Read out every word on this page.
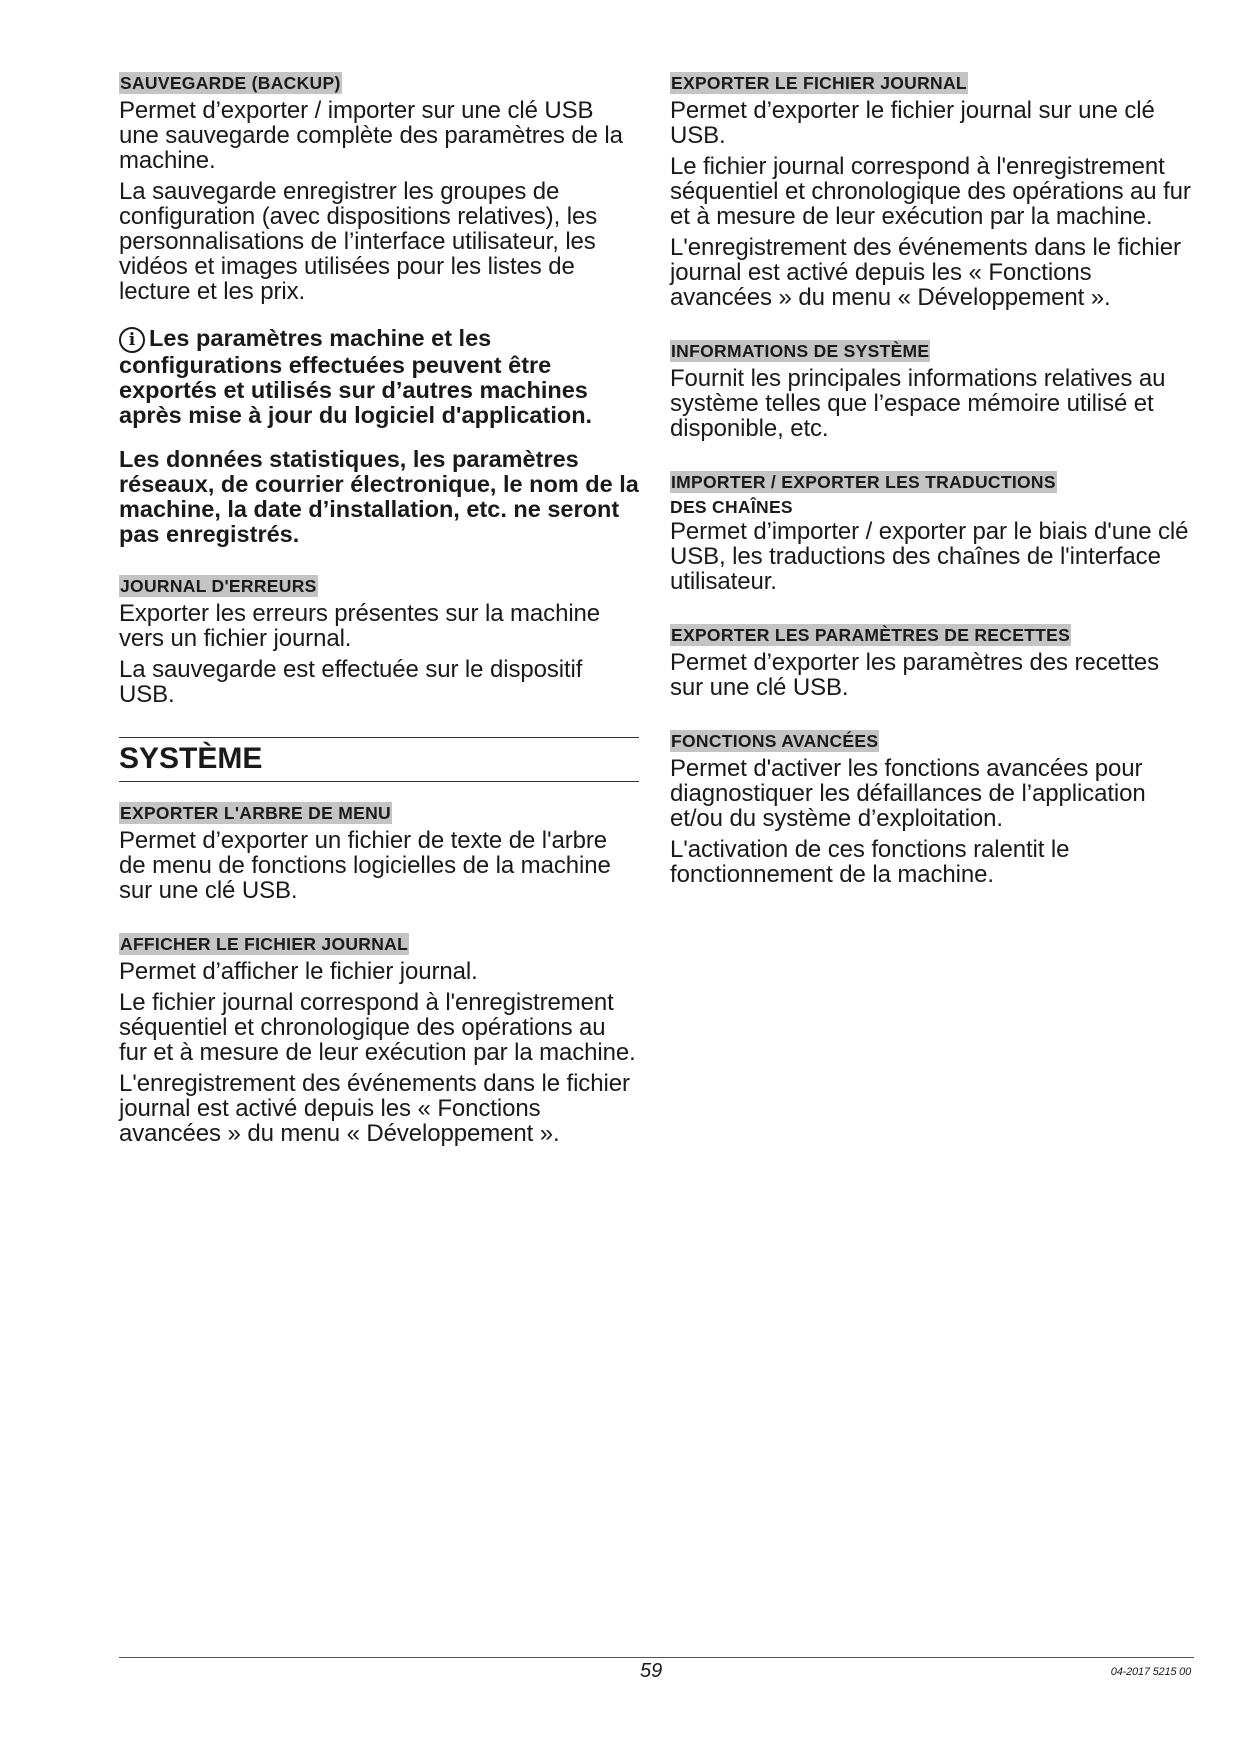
SAUVEGARDE (BACKUP)

Permet d’exporter / importer sur une clé USB une sauvegarde complète des paramètres de la machine.

La sauvegarde enregistrer les groupes de configuration (avec dispositions relatives), les personnalisations de l’interface utilisateur, les vidéos et images utilisées pour les listes de lecture et les prix.

i Les paramètres machine et les configurations effectuées peuvent être exportés et utilisés sur d’autres machines après mise à jour du logiciel d'application.

Les données statistiques, les paramètres réseaux, de courrier électronique, le nom de la machine, la date d’installation, etc. ne seront pas enregistrés.

JOURNAL D'ERREURS

Exporter les erreurs présentes sur la machine vers un fichier journal.

La sauvegarde est effectuée sur le dispositif USB.

SYSTÈME

EXPORTER L'ARBRE DE MENU

Permet d’exporter un fichier de texte de l'arbre de menu de fonctions logicielles de la machine sur une clé USB.

AFFICHER LE FICHIER JOURNAL

Permet d’afficher le fichier journal.

Le fichier journal correspond à l'enregistrement séquentiel et chronologique des opérations au fur et à mesure de leur exécution par la machine.

L'enregistrement des événements dans le fichier journal est activé depuis les « Fonctions avancées » du menu « Développement ».

EXPORTER LE FICHIER JOURNAL

Permet d’exporter le fichier journal sur une clé USB.

Le fichier journal correspond à l'enregistrement séquentiel et chronologique des opérations au fur et à mesure de leur exécution par la machine.

L'enregistrement des événements dans le fichier journal est activé depuis les « Fonctions avancées » du menu « Développement ».

INFORMATIONS DE SYSTÈME

Fournit les principales informations relatives au système telles que l’espace mémoire utilisé et disponible, etc.

IMPORTER / EXPORTER LES TRADUCTIONS

DES CHAÎNES

Permet d’importer / exporter par le biais d'une clé USB, les traductions des chaînes de l'interface utilisateur.

EXPORTER LES PARAMÈTRES DE RECETTES

Permet d’exporter les paramètres des recettes sur une clé USB.

FONCTIONS AVANCÉES

Permet d'activer les fonctions avancées pour diagnostiquer les défaillances de l’application et/ou du système d’exploitation.

L'activation de ces fonctions ralentit le fonctionnement de la machine.

59	04-2017 5215 00
